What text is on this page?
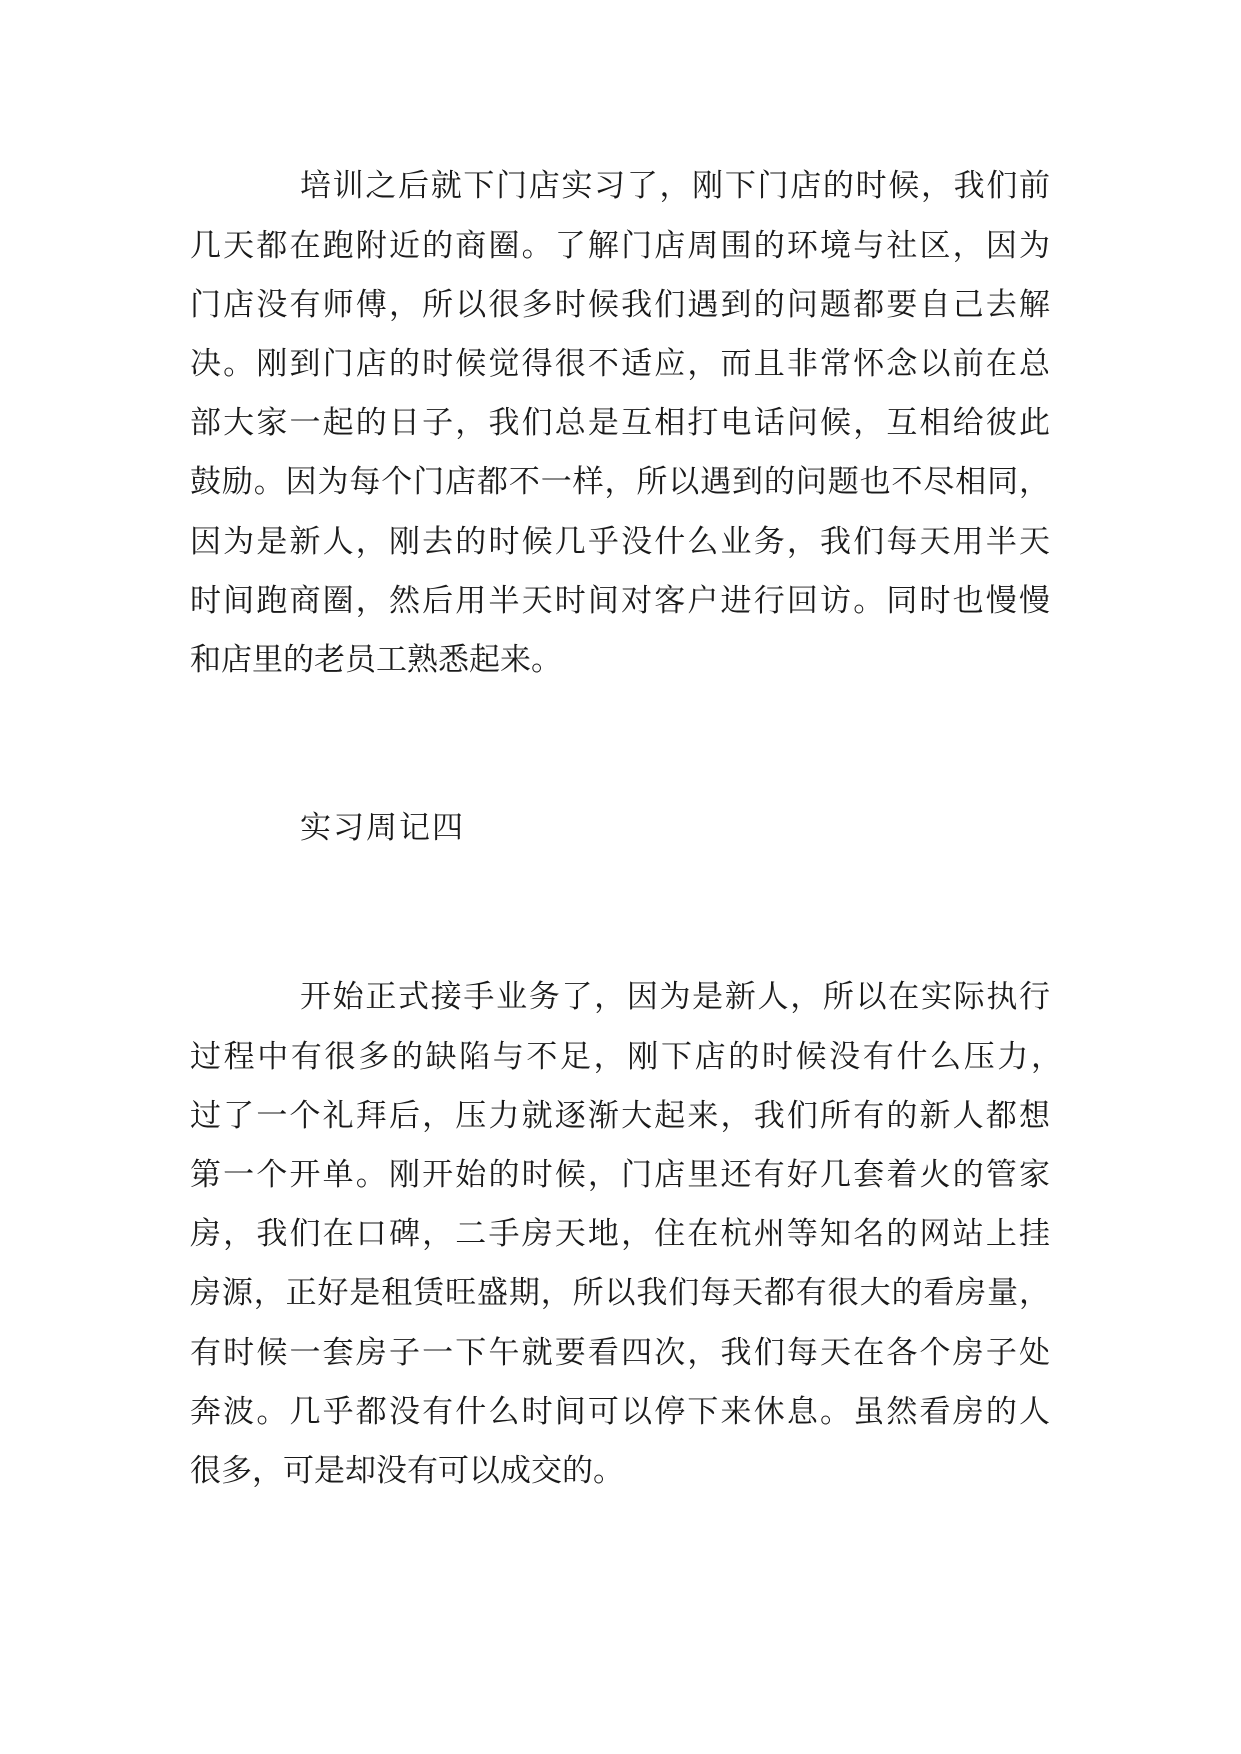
培训之后就下门店实习了，刚下门店的时候，我们前
几天都在跑附近的商圈。了解门店周围的环境与社区，因为
门店没有师傅，所以很多时候我们遇到的问题都要自己去解
决。刚到门店的时候觉得很不适应，而且非常怀念以前在总
部大家一起的日子，我们总是互相打电话问候，互相给彼此
鼓励。因为每个门店都不一样，所以遇到的问题也不尽相同，
因为是新人，刚去的时候几乎没什么业务，我们每天用半天
时间跑商圈，然后用半天时间对客户进行回访。同时也慢慢
和店里的老员工熟悉起来。
实习周记四
开始正式接手业务了，因为是新人，所以在实际执行
过程中有很多的缺陷与不足，刚下店的时候没有什么压力，
过了一个礼拜后，压力就逐渐大起来，我们所有的新人都想
第一个开单。刚开始的时候，门店里还有好几套着火的管家
房，我们在口碑，二手房天地，住在杭州等知名的网站上挂
房源，正好是租赁旺盛期，所以我们每天都有很大的看房量，
有时候一套房子一下午就要看四次，我们每天在各个房子处
奔波。几乎都没有什么时间可以停下来休息。虽然看房的人
很多，可是却没有可以成交的。
